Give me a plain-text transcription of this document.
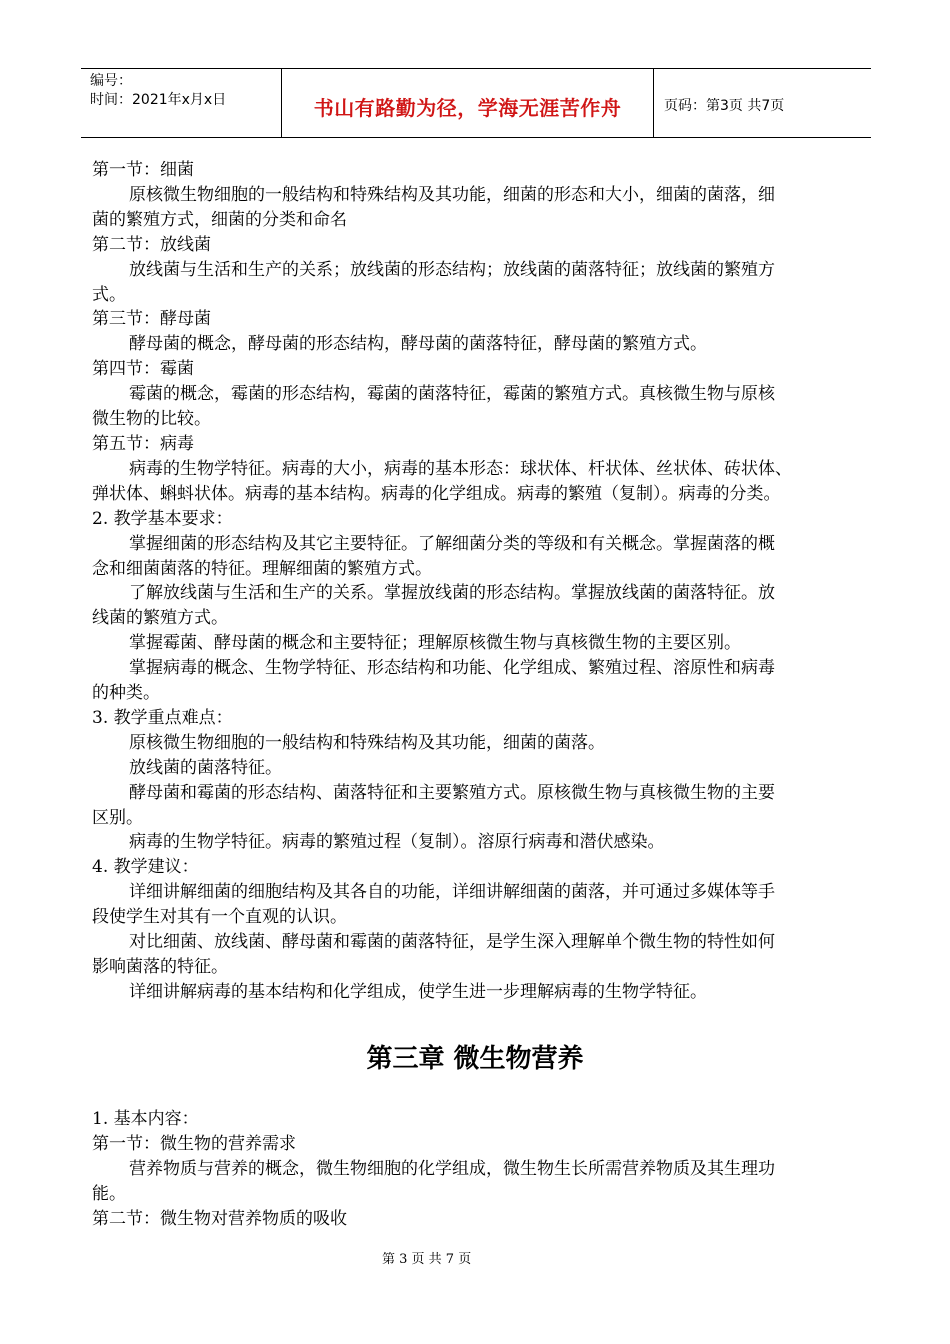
编号：
时间：2021年x月x日	书山有路勤为径，学海无涯苦作舟	页码：第3页 共7页
第一节：细菌
原核微生物细胞的一般结构和特殊结构及其功能，细菌的形态和大小，细菌的菌落，细
菌的繁殖方式，细菌的分类和命名
第二节：放线菌
放线菌与生活和生产的关系；放线菌的形态结构；放线菌的菌落特征；放线菌的繁殖方
式。
第三节：酵母菌
酵母菌的概念，酵母菌的形态结构，酵母菌的菌落特征，酵母菌的繁殖方式。
第四节：霉菌
霉菌的概念，霉菌的形态结构，霉菌的菌落特征，霉菌的繁殖方式。真核微生物与原核
微生物的比较。
第五节：病毒
病毒的生物学特征。病毒的大小，病毒的基本形态：球状体、杆状体、丝状体、砖状体、
弹状体、蝌蚪状体。病毒的基本结构。病毒的化学组成。病毒的繁殖（复制）。病毒的分类。
2. 教学基本要求：
掌握细菌的形态结构及其它主要特征。了解细菌分类的等级和有关概念。掌握菌落的概
念和细菌菌落的特征。理解细菌的繁殖方式。
了解放线菌与生活和生产的关系。掌握放线菌的形态结构。掌握放线菌的菌落特征。放
线菌的繁殖方式。
掌握霉菌、酵母菌的概念和主要特征；理解原核微生物与真核微生物的主要区别。
掌握病毒的概念、生物学特征、形态结构和功能、化学组成、繁殖过程、溶原性和病毒
的种类。
3. 教学重点难点：
原核微生物细胞的一般结构和特殊结构及其功能，细菌的菌落。
放线菌的菌落特征。
酵母菌和霉菌的形态结构、菌落特征和主要繁殖方式。原核微生物与真核微生物的主要
区别。
病毒的生物学特征。病毒的繁殖过程（复制）。溶原行病毒和潜伏感染。
4. 教学建议：
详细讲解细菌的细胞结构及其各自的功能，详细讲解细菌的菌落，并可通过多媒体等手
段使学生对其有一个直观的认识。
对比细菌、放线菌、酵母菌和霉菌的菌落特征，是学生深入理解单个微生物的特性如何
影响菌落的特征。
详细讲解病毒的基本结构和化学组成，使学生进一步理解病毒的生物学特征。
第三章 微生物营养
1. 基本内容：
第一节：微生物的营养需求
营养物质与营养的概念，微生物细胞的化学组成，微生物生长所需营养物质及其生理功
能。
第二节：微生物对营养物质的吸收
第 3 页 共 7 页
